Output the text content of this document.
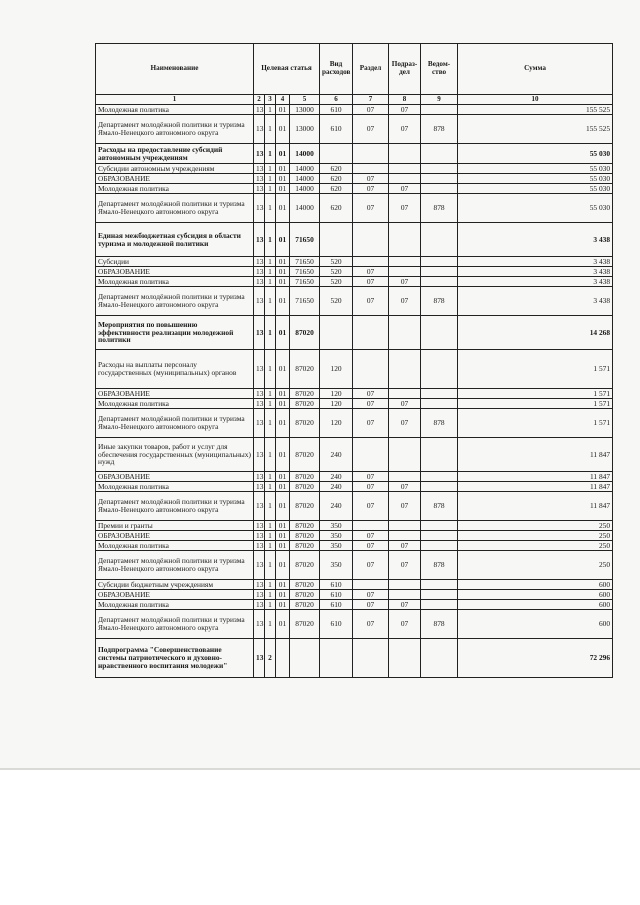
Наименование	Целевая статья				Вид расходов	Раздел	Подраз-дел	Ведом-ство	Сумма
1	2	3	4	5	6	7	8	9	10
Молодежная политика	13	1	01	13000	610	07	07		155 525
Департамент молодёжной политики и туризма Ямало-Ненецкого автономного округа	13	1	01	13000	610	07	07	878	155 525
Расходы на предоставление субсидий автономным учреждениям	13	1	01	14000					55 030
Субсидии автономным учреждениям	13	1	01	14000	620				55 030
ОБРАЗОВАНИЕ	13	1	01	14000	620	07			55 030
Молодежная политика	13	1	01	14000	620	07	07		55 030
Департамент молодёжной политики и туризма Ямало-Ненецкого автономного округа	13	1	01	14000	620	07	07	878	55 030
Единая межбюджетная субсидия в области туризма и молодежной политики	13	1	01	71650					3 438
Субсидии	13	1	01	71650	520				3 438
ОБРАЗОВАНИЕ	13	1	01	71650	520	07			3 438
Молодежная политика	13	1	01	71650	520	07	07		3 438
Департамент молодёжной политики и туризма Ямало-Ненецкого автономного округа	13	1	01	71650	520	07	07	878	3 438
Мероприятия по повышению эффективности реализации молодежной политики	13	1	01	87020					14 268
Расходы на выплаты персоналу государственных (муниципальных) органов	13	1	01	87020	120				1 571
ОБРАЗОВАНИЕ	13	1	01	87020	120	07			1 571
Молодежная политика	13	1	01	87020	120	07	07		1 571
Департамент молодёжной политики и туризма Ямало-Ненецкого автономного округа	13	1	01	87020	120	07	07	878	1 571
Иные закупки товаров, работ и услуг для обеспечения государственных (муниципальных) нужд	13	1	01	87020	240				11 847
ОБРАЗОВАНИЕ	13	1	01	87020	240	07			11 847
Молодежная политика	13	1	01	87020	240	07	07		11 847
Департамент молодёжной политики и туризма Ямало-Ненецкого автономного округа	13	1	01	87020	240	07	07	878	11 847
Премии и гранты	13	1	01	87020	350				250
ОБРАЗОВАНИЕ	13	1	01	87020	350	07			250
Молодежная политика	13	1	01	87020	350	07	07		250
Департамент молодёжной политики и туризма Ямало-Ненецкого автономного округа	13	1	01	87020	350	07	07	878	250
Субсидии бюджетным учреждениям	13	1	01	87020	610				600
ОБРАЗОВАНИЕ	13	1	01	87020	610	07			600
Молодежная политика	13	1	01	87020	610	07	07		600
Департамент молодёжной политики и туризма Ямало-Ненецкого автономного округа	13	1	01	87020	610	07	07	878	600
Подпрограмма "Совершенствование системы патриотического и духовно-нравственного воспитания молодежи"	13	2							72 296
